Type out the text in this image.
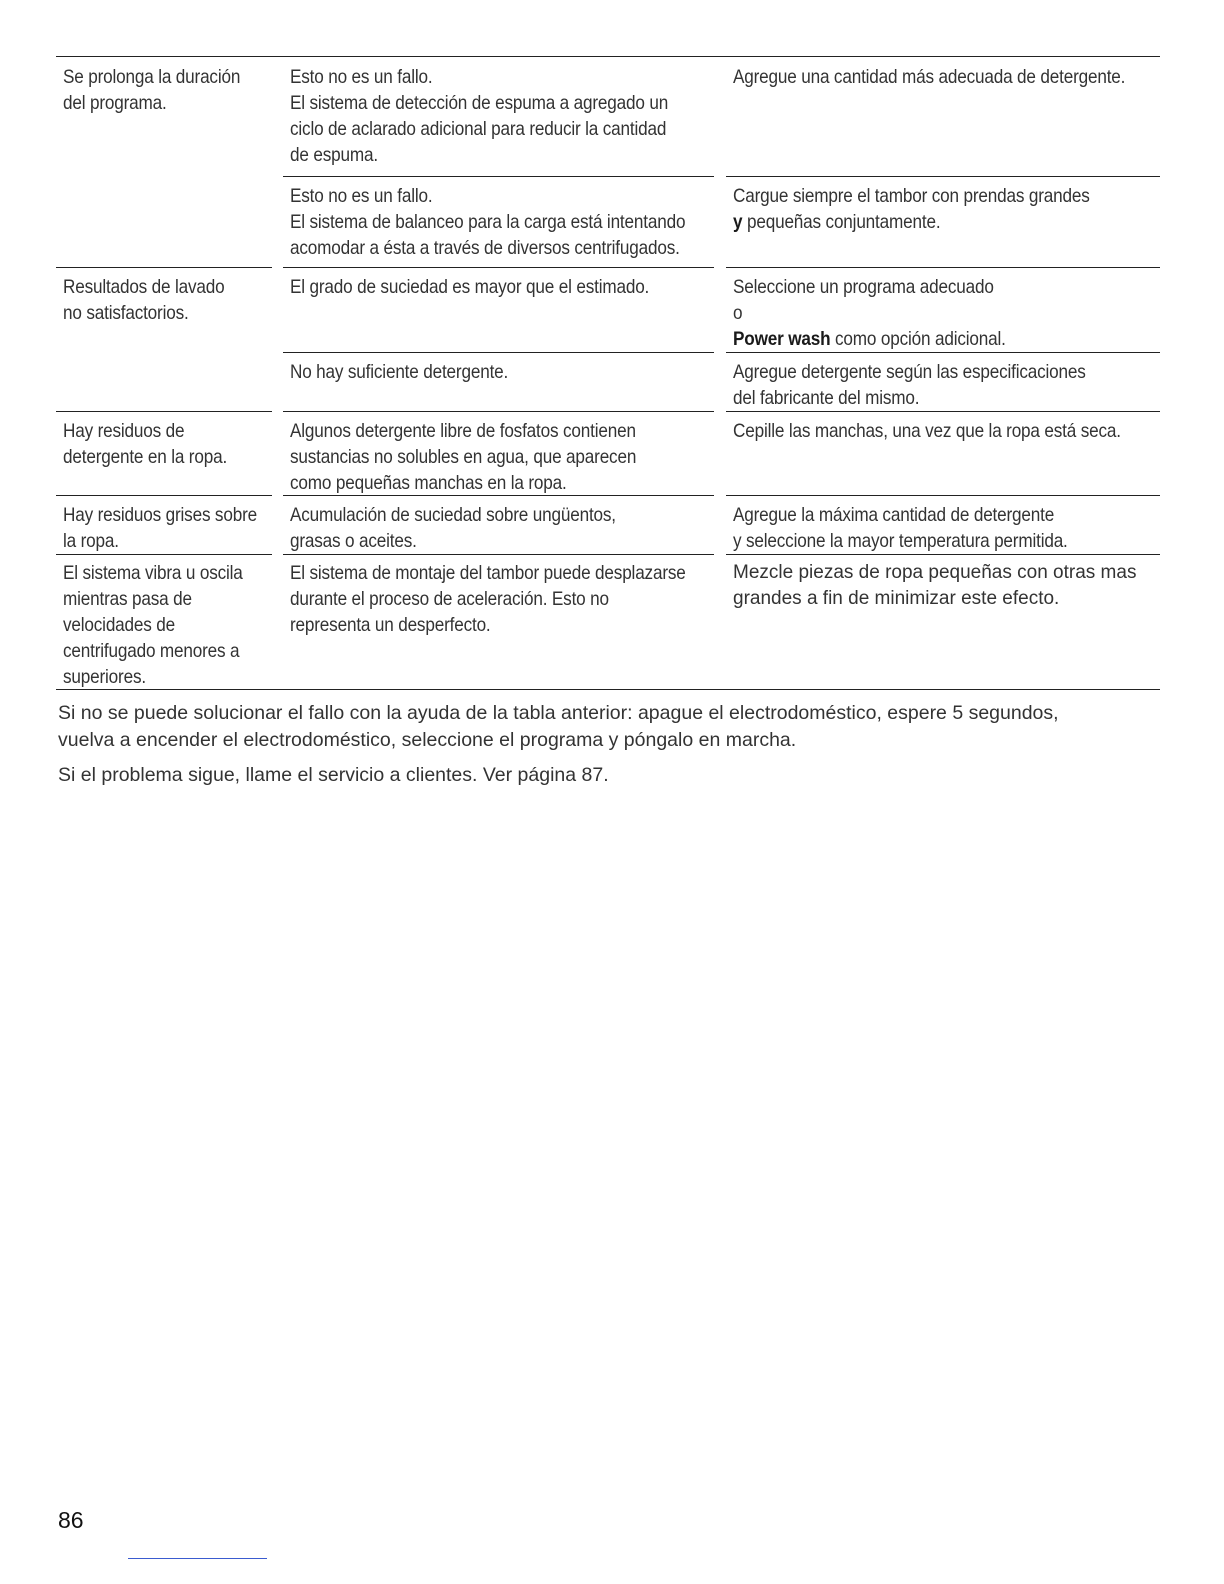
Se prolonga la duración
del programa.
Esto no es un fallo.
El sistema de detección de espuma a agregado un
ciclo de aclarado adicional para reducir la cantidad
de espuma.
Agregue una cantidad más adecuada de detergente.
Esto no es un fallo.
El sistema de balanceo para la carga está intentando
acomodar a ésta a través de diversos centrifugados.
Cargue siempre el tambor con prendas grandes
y pequeñas conjuntamente.
Resultados de lavado
no satisfactorios.
El grado de suciedad es mayor que el estimado.	Seleccione un programa adecuado
o
Power wash como opción adicional.
No hay suficiente detergente.	Agregue detergente según las especificaciones
del fabricante del mismo.
Hay residuos de
detergente en la ropa.
Algunos detergente libre de fosfatos contienen
sustancias no solubles en agua, que aparecen
como pequeñas manchas en la ropa.
Cepille las manchas, una vez que la ropa está seca.
Hay residuos grises sobre
la ropa.
Acumulación de suciedad sobre ungüentos,
grasas o aceites.
Agregue la máxima cantidad de detergente
y seleccione la mayor temperatura permitida.
El sistema vibra u oscila
mientras pasa de
velocidades de
centrifugado menores a
superiores.
El sistema de montaje del tambor puede desplazarse
durante el proceso de aceleración. Esto no
representa un desperfecto.
Mezcle piezas de ropa pequeñas con otras mas
grandes a fin de minimizar este efecto.
Si no se puede solucionar el fallo con la ayuda de la tabla anterior: apague el electrodoméstico, espere 5 segundos,
vuelva a encender el electrodoméstico, seleccione el programa y póngalo en marcha.
Si el problema sigue, llame el servicio a clientes. Ver página 87.
86
